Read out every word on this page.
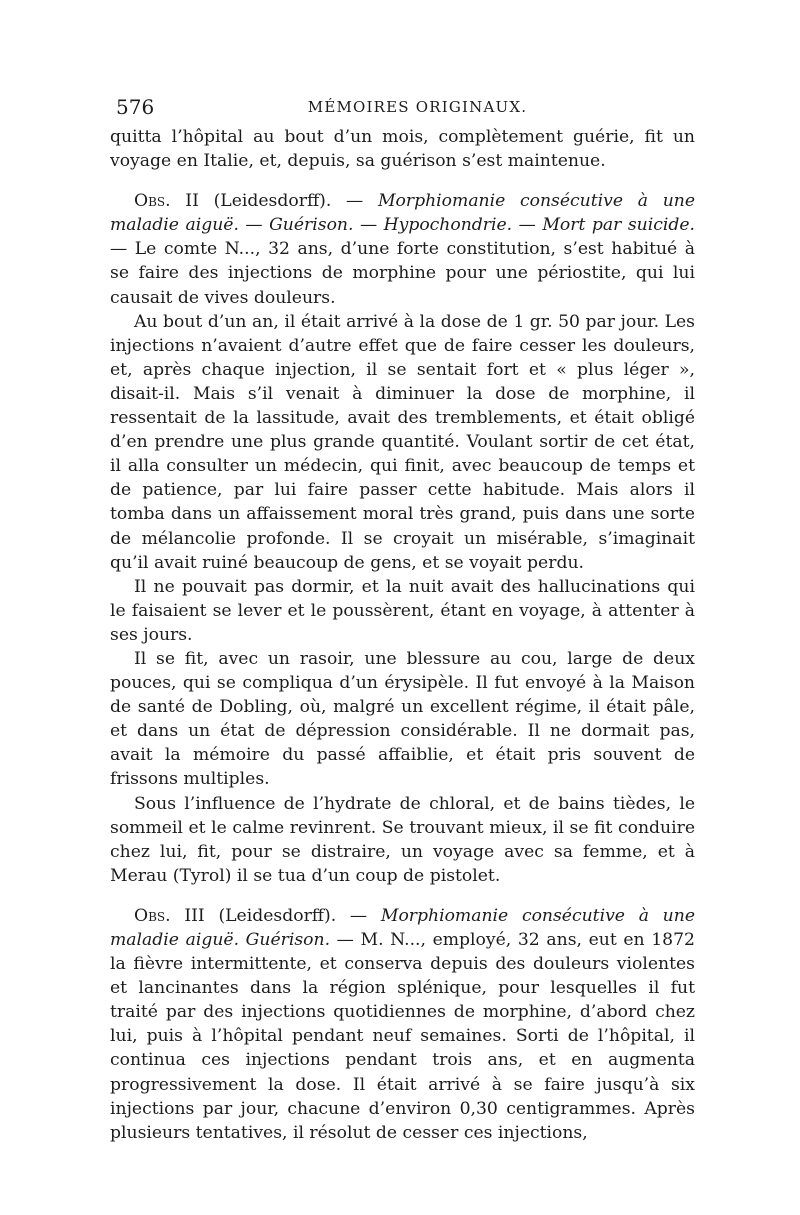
576	MÉMOIRES ORIGINAUX.

quitta l’hôpital au bout d’un mois, complètement guérie, fit un voyage en Italie, et, depuis, sa guérison s’est maintenue.

Obs. II (Leidesdorff). — Morphiomanie consécutive à une maladie aiguë. — Guérison. — Hypochondrie. — Mort par suicide. — Le comte N..., 32 ans, d’une forte constitution, s’est habitué à se faire des injections de morphine pour une périostite, qui lui causait de vives douleurs.

Au bout d’un an, il était arrivé à la dose de 1 gr. 50 par jour. Les injections n’avaient d’autre effet que de faire cesser les douleurs, et, après chaque injection, il se sentait fort et « plus léger », disait-il. Mais s’il venait à diminuer la dose de morphine, il ressentait de la lassitude, avait des tremblements, et était obligé d’en prendre une plus grande quantité. Voulant sortir de cet état, il alla consulter un médecin, qui finit, avec beaucoup de temps et de patience, par lui faire passer cette habitude. Mais alors il tomba dans un affaissement moral très grand, puis dans une sorte de mélancolie profonde. Il se croyait un misérable, s’imaginait qu’il avait ruiné beaucoup de gens, et se voyait perdu.

Il ne pouvait pas dormir, et la nuit avait des hallucinations qui le faisaient se lever et le poussèrent, étant en voyage, à attenter à ses jours.

Il se fit, avec un rasoir, une blessure au cou, large de deux pouces, qui se compliqua d’un érysipèle. Il fut envoyé à la Maison de santé de Dobling, où, malgré un excellent régime, il était pâle, et dans un état de dépression considérable. Il ne dormait pas, avait la mémoire du passé affaiblie, et était pris souvent de frissons multiples.

Sous l’influence de l’hydrate de chloral, et de bains tièdes, le sommeil et le calme revinrent. Se trouvant mieux, il se fit conduire chez lui, fit, pour se distraire, un voyage avec sa femme, et à Merau (Tyrol) il se tua d’un coup de pistolet.

Obs. III (Leidesdorff). — Morphiomanie consécutive à une maladie aiguë. Guérison. — M. N..., employé, 32 ans, eut en 1872 la fièvre intermittente, et conserva depuis des douleurs violentes et lancinantes dans la région splénique, pour lesquelles il fut traité par des injections quotidiennes de morphine, d’abord chez lui, puis à l’hôpital pendant neuf semaines. Sorti de l’hôpital, il continua ces injections pendant trois ans, et en augmenta progressivement la dose. Il était arrivé à se faire jusqu’à six injections par jour, chacune d’environ 0,30 centigrammes. Après plusieurs tentatives, il résolut de cesser ces injections,
